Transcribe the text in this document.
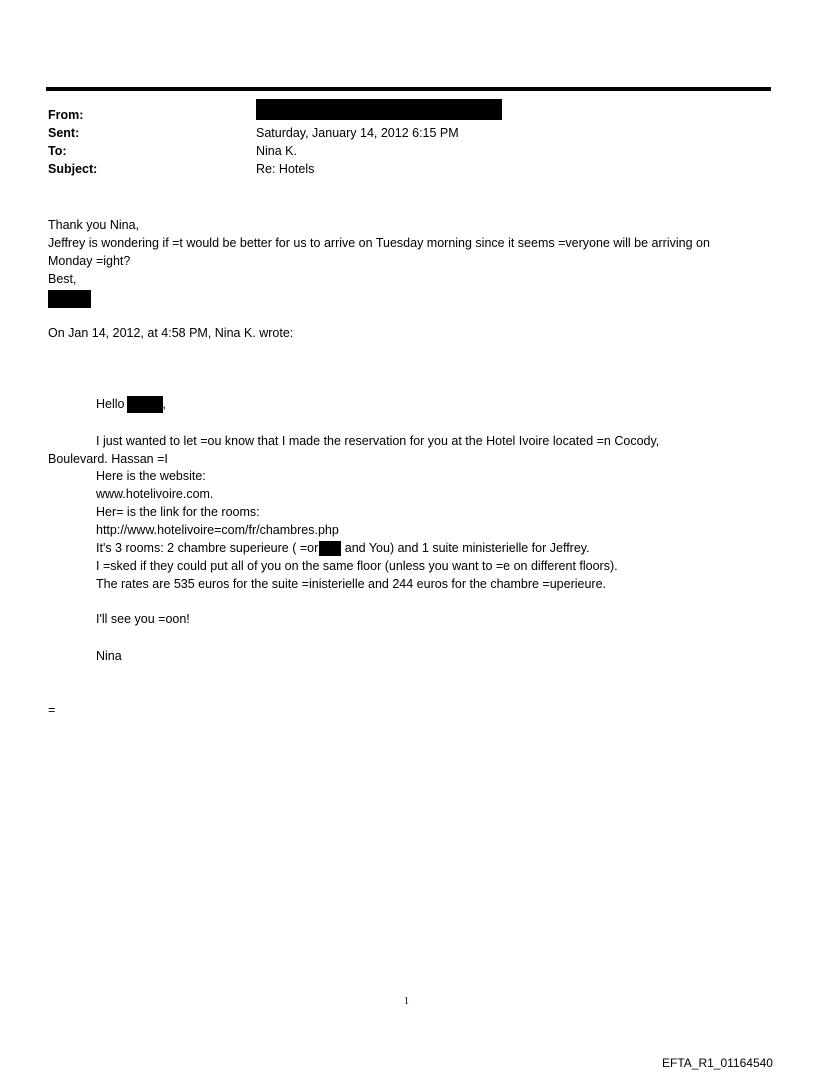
From:
Sent:	Saturday, January 14, 2012 6:15 PM
To:	Nina K.
Subject:	Re: Hotels
Thank you Nina,
Jeffrey is wondering if =t would be better for us to arrive on Tuesday morning since it seems =veryone will be arriving on
Monday =ight?
Best,
On Jan 14, 2012, at 4:58 PM, Nina K. wrote:
Hello	,
I just wanted to let =ou know that I made the reservation for you at the Hotel Ivoire located =n Cocody,
Boulevard. Hassan =I
Here is the website:
www.hotelivoire.com.
Her= is the link for the rooms:
http://www.hotelivoire=com/fr/chambres.php
It's 3 rooms: 2 chambre superieure ( =or and You) and 1 suite ministerielle for Jeffrey.
I =sked if they could put all of you on the same floor (unless you want to =e on different floors).
The rates are 535 euros for the suite =inisterielle and 244 euros for the chambre =uperieure.
I'll see you =oon!
Nina
=
1
EFTA_R1_01164540
